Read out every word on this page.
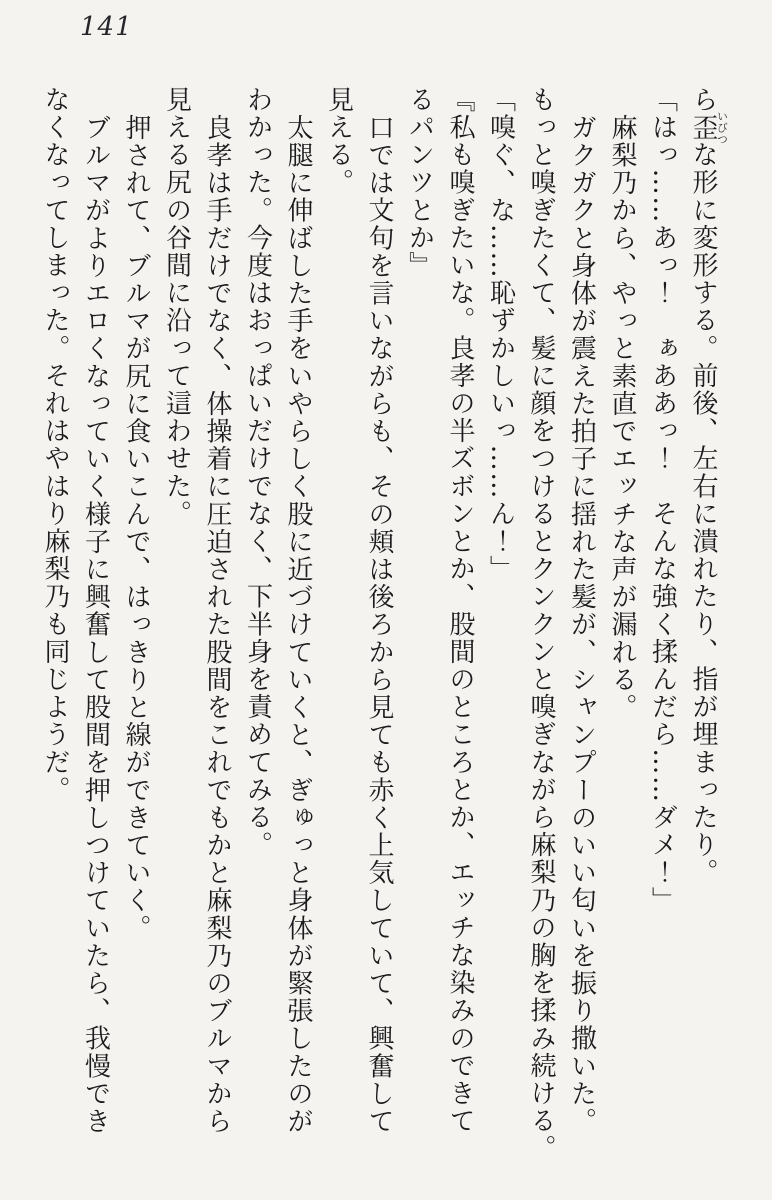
141
ら歪いびつな形に変形する。前後、左右に潰れたり、指が埋まったり。
「はっ……あっ！　ぁああっ！　そんな強く揉んだら……ダメ！」
麻梨乃から、やっと素直でエッチな声が漏れる。
ガクガクと身体が震えた拍子に揺れた髪が、シャンプーのいい匂いを振り撒いた。
もっと嗅ぎたくて、髪に顔をつけるとクンクンと嗅ぎながら麻梨乃の胸を揉み続ける。
「嗅ぐ、な……恥ずかしいっ……ん！」
『私も嗅ぎたいな。良孝の半ズボンとか、股間のところとか、エッチな染みのできて
るパンツとか』
口では文句を言いながらも、その頬は後ろから見ても赤く上気していて、興奮して
見える。
太腿に伸ばした手をいやらしく股に近づけていくと、ぎゅっと身体が緊張したのが
わかった。今度はおっぱいだけでなく、下半身を責めてみる。
良孝は手だけでなく、体操着に圧迫された股間をこれでもかと麻梨乃のブルマから
見える尻の谷間に沿って這わせた。
押されて、ブルマが尻に食いこんで、はっきりと線ができていく。
ブルマがよりエロくなっていく様子に興奮して股間を押しつけていたら、我慢でき
なくなってしまった。それはやはり麻梨乃も同じようだ。
